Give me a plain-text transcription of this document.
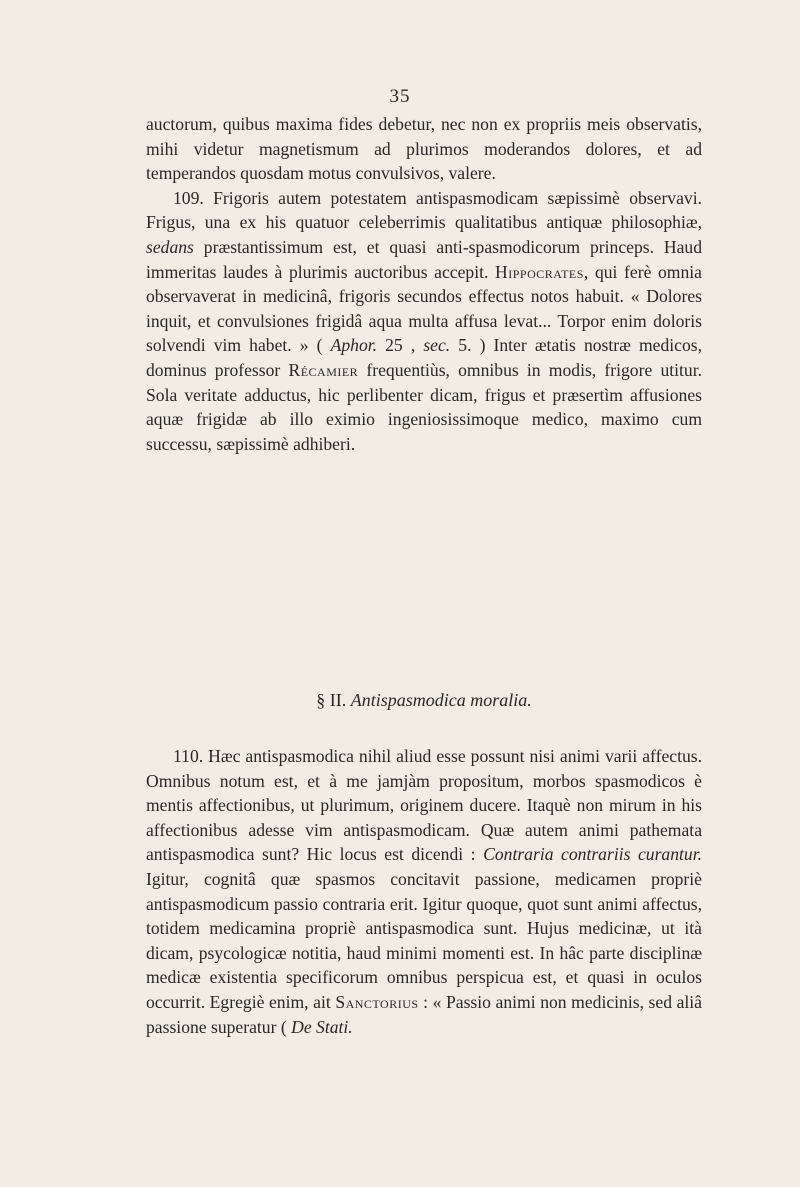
35

auctorum, quibus maxima fides debetur, nec non ex propriis meis observatis, mihi videtur magnetismum ad plurimos moderandos dolores, et ad temperandos quosdam motus convulsivos, valere.

109. Frigoris autem potestatem antispasmodicam sæpissimè observavi. Frigus, una ex his quatuor celeberrimis qualitatibus antiquæ philosophiæ, sedans præstantissimum est, et quasi anti-spasmodicorum princeps. Haud immeritas laudes à plurimis auctoribus accepit. Hippocrates, qui ferè omnia observaverat in medicinâ, frigoris secundos effectus notos habuit. « Dolores inquit, et convulsiones frigidâ aqua multa affusa levat... Torpor enim doloris solvendi vim habet. » ( Aphor. 25 , sec. 5. ) Inter ætatis nostræ medicos, dominus professor Récamier frequentiùs, omnibus in modis, frigore utitur. Sola veritate adductus, hic perlibenter dicam, frigus et præsertìm affusiones aquæ frigidæ ab illo eximio ingeniosissimoque medico, maximo cum successu, sæpissimè adhiberi.

§ II. Antispasmodica moralia.

110. Hæc antispasmodica nihil aliud esse possunt nisi animi varii affectus. Omnibus notum est, et à me jamjàm propositum, morbos spasmodicos è mentis affectionibus, ut plurimum, originem ducere. Itaquè non mirum in his affectionibus adesse vim antispasmodicam. Quæ autem animi pathemata antispasmodica sunt? Hic locus est dicendi : Contraria contrariis curantur. Igitur, cognitâ quæ spasmos concitavit passione, medicamen propriè antispasmodicum passio contraria erit. Igitur quoque, quot sunt animi affectus, totidem medicamina propriè antispasmodica sunt. Hujus medicinæ, ut ità dicam, psycologicæ notitia, haud minimi momenti est. In hâc parte disciplinæ medicæ existentia specificorum omnibus perspicua est, et quasi in oculos occurrit. Egregiè enim, ait Sanctorius : « Passio animi non medicinis, sed aliâ passione superatur ( De Stati.
